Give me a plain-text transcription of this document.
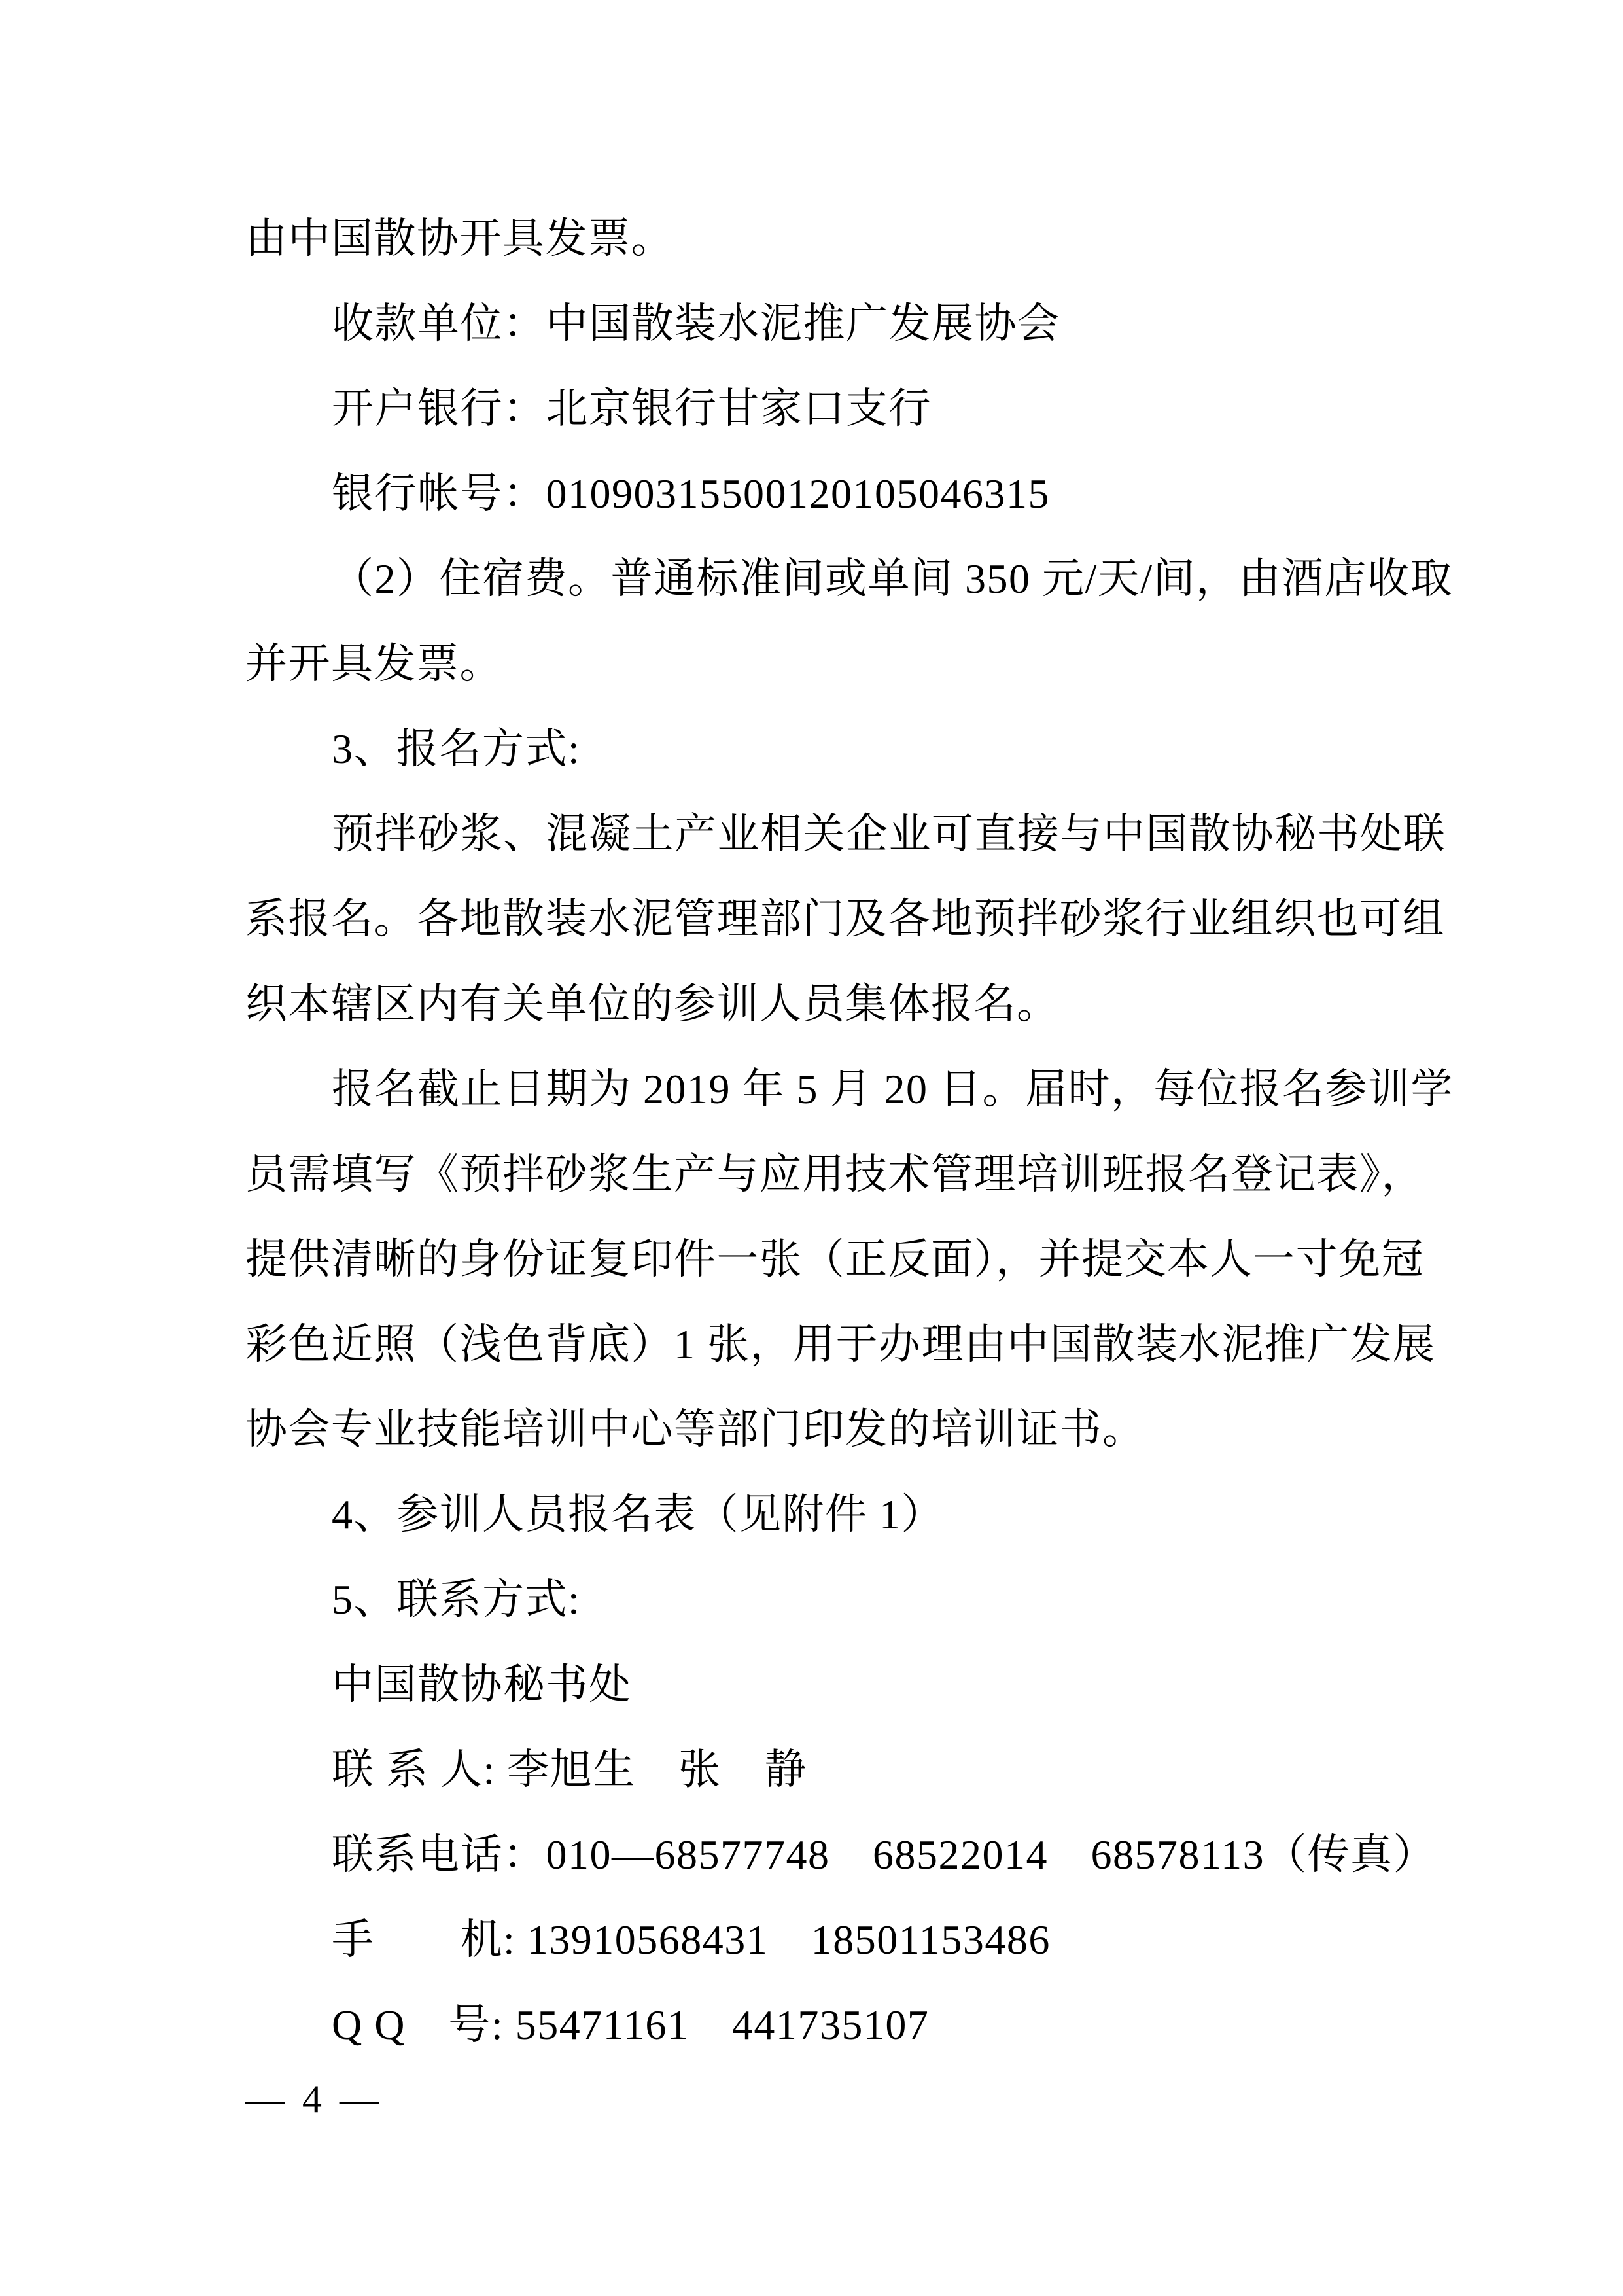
由中国散协开具发票。
收款单位：中国散装水泥推广发展协会
开户银行：北京银行甘家口支行
银行帐号：01090315500120105046315
（2）住宿费。普通标准间或单间 350 元/天/间，由酒店收取
并开具发票。
3、报名方式:
预拌砂浆、混凝土产业相关企业可直接与中国散协秘书处联
系报名。各地散装水泥管理部门及各地预拌砂浆行业组织也可组
织本辖区内有关单位的参训人员集体报名。
报名截止日期为 2019 年 5 月 20 日。届时，每位报名参训学
员需填写《预拌砂浆生产与应用技术管理培训班报名登记表》，
提供清晰的身份证复印件一张（正反面），并提交本人一寸免冠
彩色近照（浅色背底）1 张，用于办理由中国散装水泥推广发展
协会专业技能培训中心等部门印发的培训证书。
4、参训人员报名表（见附件 1）
5、联系方式:
中国散协秘书处
联 系 人: 李旭生　张　静
联系电话：010—68577748　68522014　68578113（传真）
手　　机: 13910568431　18501153486
Q Q　号: 55471161　441735107
— 4 —
